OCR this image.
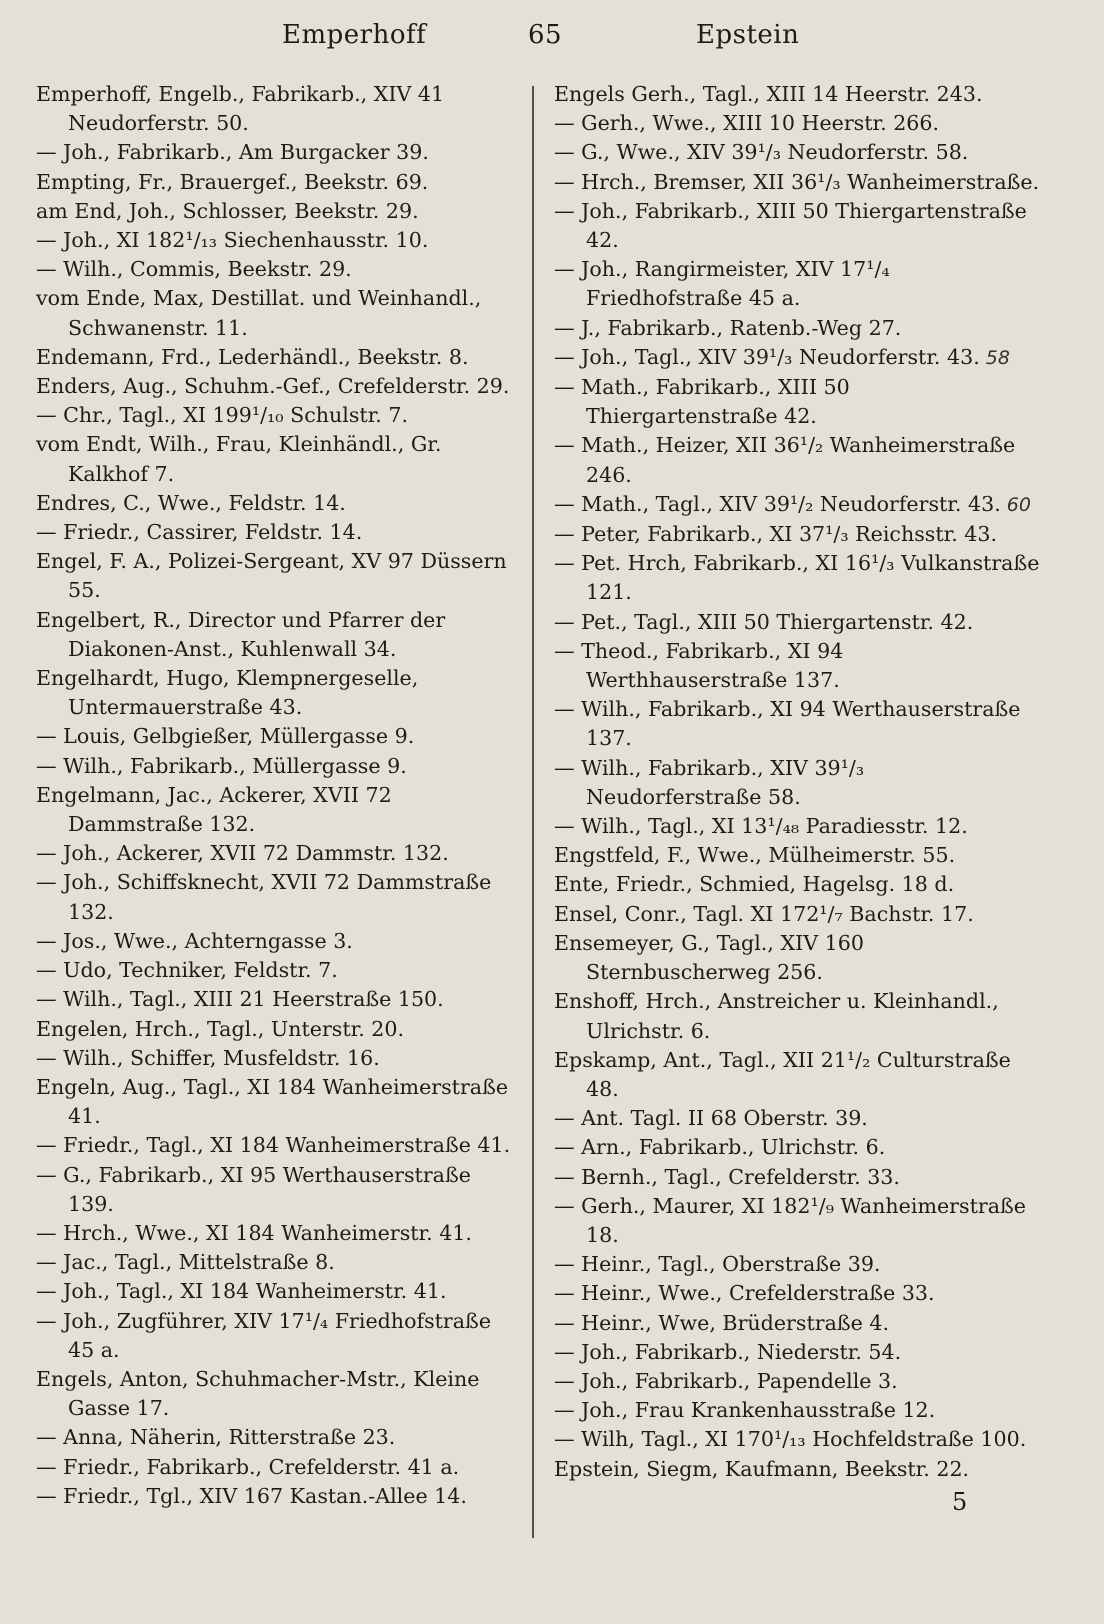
Emperhoff	65	Epstein

Emperhoff, Engelb., Fabrikarb., XIV 41 Neudorferstr. 50.

— Joh., Fabrikarb., Am Burgacker 39.

Empting, Fr., Brauergef., Beekstr. 69.

am End, Joh., Schlosser, Beekstr. 29.

— Joh., XI 182¹/₁₃ Siechenhausstr. 10.

— Wilh., Commis, Beekstr. 29.

vom Ende, Max, Destillat. und Weinhandl., Schwanenstr. 11.

Endemann, Frd., Lederhändl., Beekstr. 8.

Enders, Aug., Schuhm.-Gef., Crefelderstr. 29.

— Chr., Tagl., XI 199¹/₁₀ Schulstr. 7.

vom Endt, Wilh., Frau, Kleinhändl., Gr. Kalkhof 7.

Endres, C., Wwe., Feldstr. 14.

— Friedr., Cassirer, Feldstr. 14.

Engel, F. A., Polizei-Sergeant, XV 97 Düssern 55.

Engelbert, R., Director und Pfarrer der Diakonen-Anst., Kuhlenwall 34.

Engelhardt, Hugo, Klempnergeselle, Untermauerstraße 43.

— Louis, Gelbgießer, Müllergasse 9.

— Wilh., Fabrikarb., Müllergasse 9.

Engelmann, Jac., Ackerer, XVII 72 Dammstraße 132.

— Joh., Ackerer, XVII 72 Dammstr. 132.

— Joh., Schiffsknecht, XVII 72 Dammstraße 132.

— Jos., Wwe., Achterngasse 3.

— Udo, Techniker, Feldstr. 7.

— Wilh., Tagl., XIII 21 Heerstraße 150.

Engelen, Hrch., Tagl., Unterstr. 20.

— Wilh., Schiffer, Musfeldstr. 16.

Engeln, Aug., Tagl., XI 184 Wanheimerstraße 41.

— Friedr., Tagl., XI 184 Wanheimerstraße 41.

— G., Fabrikarb., XI 95 Werthauserstraße 139.

— Hrch., Wwe., XI 184 Wanheimerstr. 41.

— Jac., Tagl., Mittelstraße 8.

— Joh., Tagl., XI 184 Wanheimerstr. 41.

— Joh., Zugführer, XIV 17¹/₄ Friedhofstraße 45 a.

Engels, Anton, Schuhmacher-Mstr., Kleine Gasse 17.

— Anna, Näherin, Ritterstraße 23.

— Friedr., Fabrikarb., Crefelderstr. 41 a.

— Friedr., Tgl., XIV 167 Kastan.-Allee 14.

Engels Gerh., Tagl., XIII 14 Heerstr. 243.

— Gerh., Wwe., XIII 10 Heerstr. 266.

— G., Wwe., XIV 39¹/₃ Neudorferstr. 58.

— Hrch., Bremser, XII 36¹/₃ Wanheimerstraße.

— Joh., Fabrikarb., XIII 50 Thiergartenstraße 42.

— Joh., Rangirmeister, XIV 17¹/₄ Friedhofstraße 45 a.

— J., Fabrikarb., Ratenb.-Weg 27.

— Joh., Tagl., XIV 39¹/₃ Neudorferstr. 43. 58

— Math., Fabrikarb., XIII 50 Thiergartenstraße 42.

— Math., Heizer, XII 36¹/₂ Wanheimerstraße 246.

— Math., Tagl., XIV 39¹/₂ Neudorferstr. 43. 60

— Peter, Fabrikarb., XI 37¹/₃ Reichsstr. 43.

— Pet. Hrch, Fabrikarb., XI 16¹/₃ Vulkanstraße 121.

— Pet., Tagl., XIII 50 Thiergartenstr. 42.

— Theod., Fabrikarb., XI 94 Werthhauserstraße 137.

— Wilh., Fabrikarb., XI 94 Werthauserstraße 137.

— Wilh., Fabrikarb., XIV 39¹/₃ Neudorferstraße 58.

— Wilh., Tagl., XI 13¹/₄₈ Paradiesstr. 12.

Engstfeld, F., Wwe., Mülheimerstr. 55.

Ente, Friedr., Schmied, Hagelsg. 18 d.

Ensel, Conr., Tagl. XI 172¹/₇ Bachstr. 17.

Ensemeyer, G., Tagl., XIV 160 Sternbuscherweg 256.

Enshoff, Hrch., Anstreicher u. Kleinhandl., Ulrichstr. 6.

Epskamp, Ant., Tagl., XII 21¹/₂ Culturstraße 48.

— Ant. Tagl. II 68 Oberstr. 39.

— Arn., Fabrikarb., Ulrichstr. 6.

— Bernh., Tagl., Crefelderstr. 33.

— Gerh., Maurer, XI 182¹/₉ Wanheimerstraße 18.

— Heinr., Tagl., Oberstraße 39.

— Heinr., Wwe., Crefelderstraße 33.

— Heinr., Wwe, Brüderstraße 4.

— Joh., Fabrikarb., Niederstr. 54.

— Joh., Fabrikarb., Papendelle 3.

— Joh., Frau Krankenhausstraße 12.

— Wilh, Tagl., XI 170¹/₁₃ Hochfeldstraße 100.

Epstein, Siegm, Kaufmann, Beekstr. 22.

5
